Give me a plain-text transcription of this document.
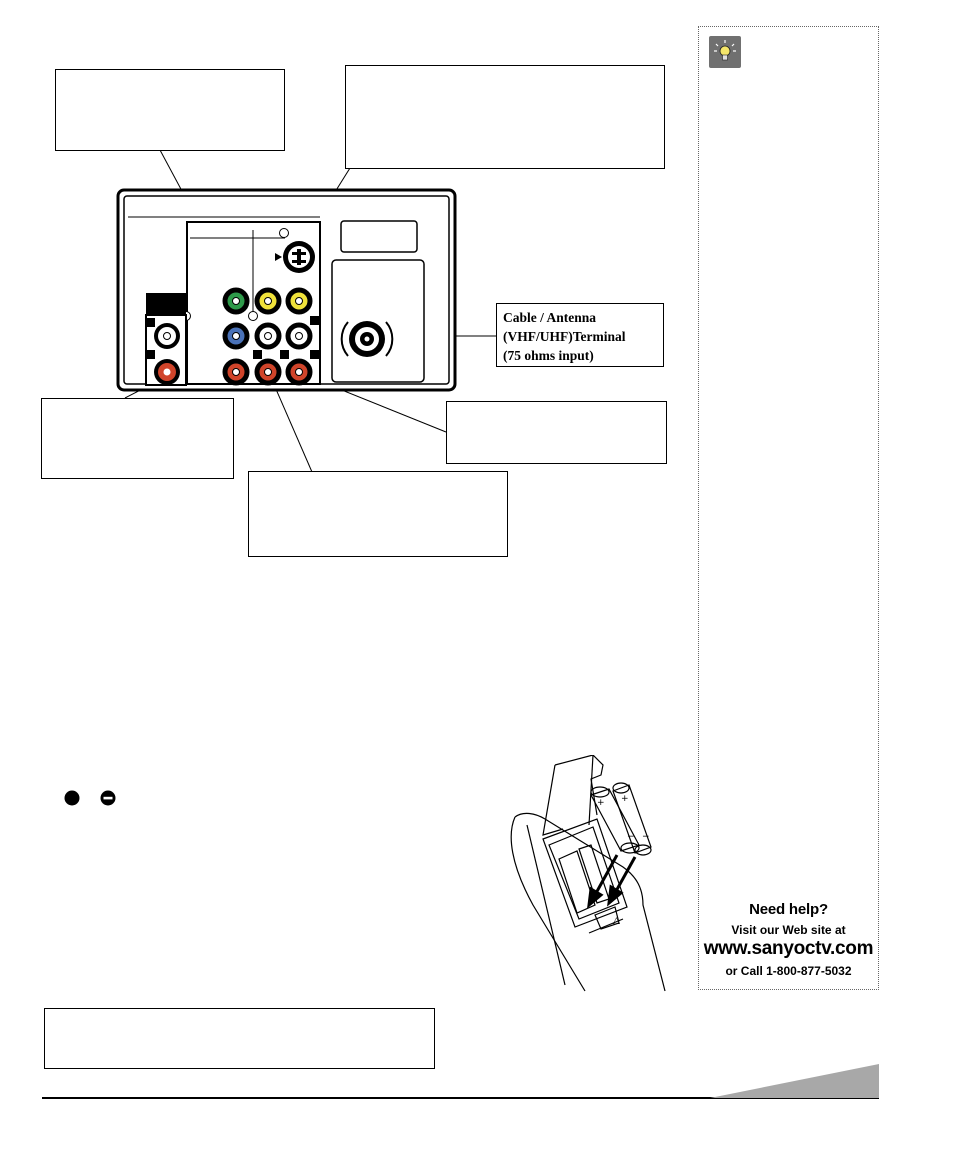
Cable / Antenna
(VHF/UHF)Terminal
(75 ohms input)
+ +
− −
△
Need help?
Visit our Web site at
www.sanyoctv.com
or Call 1-800-877-5032
